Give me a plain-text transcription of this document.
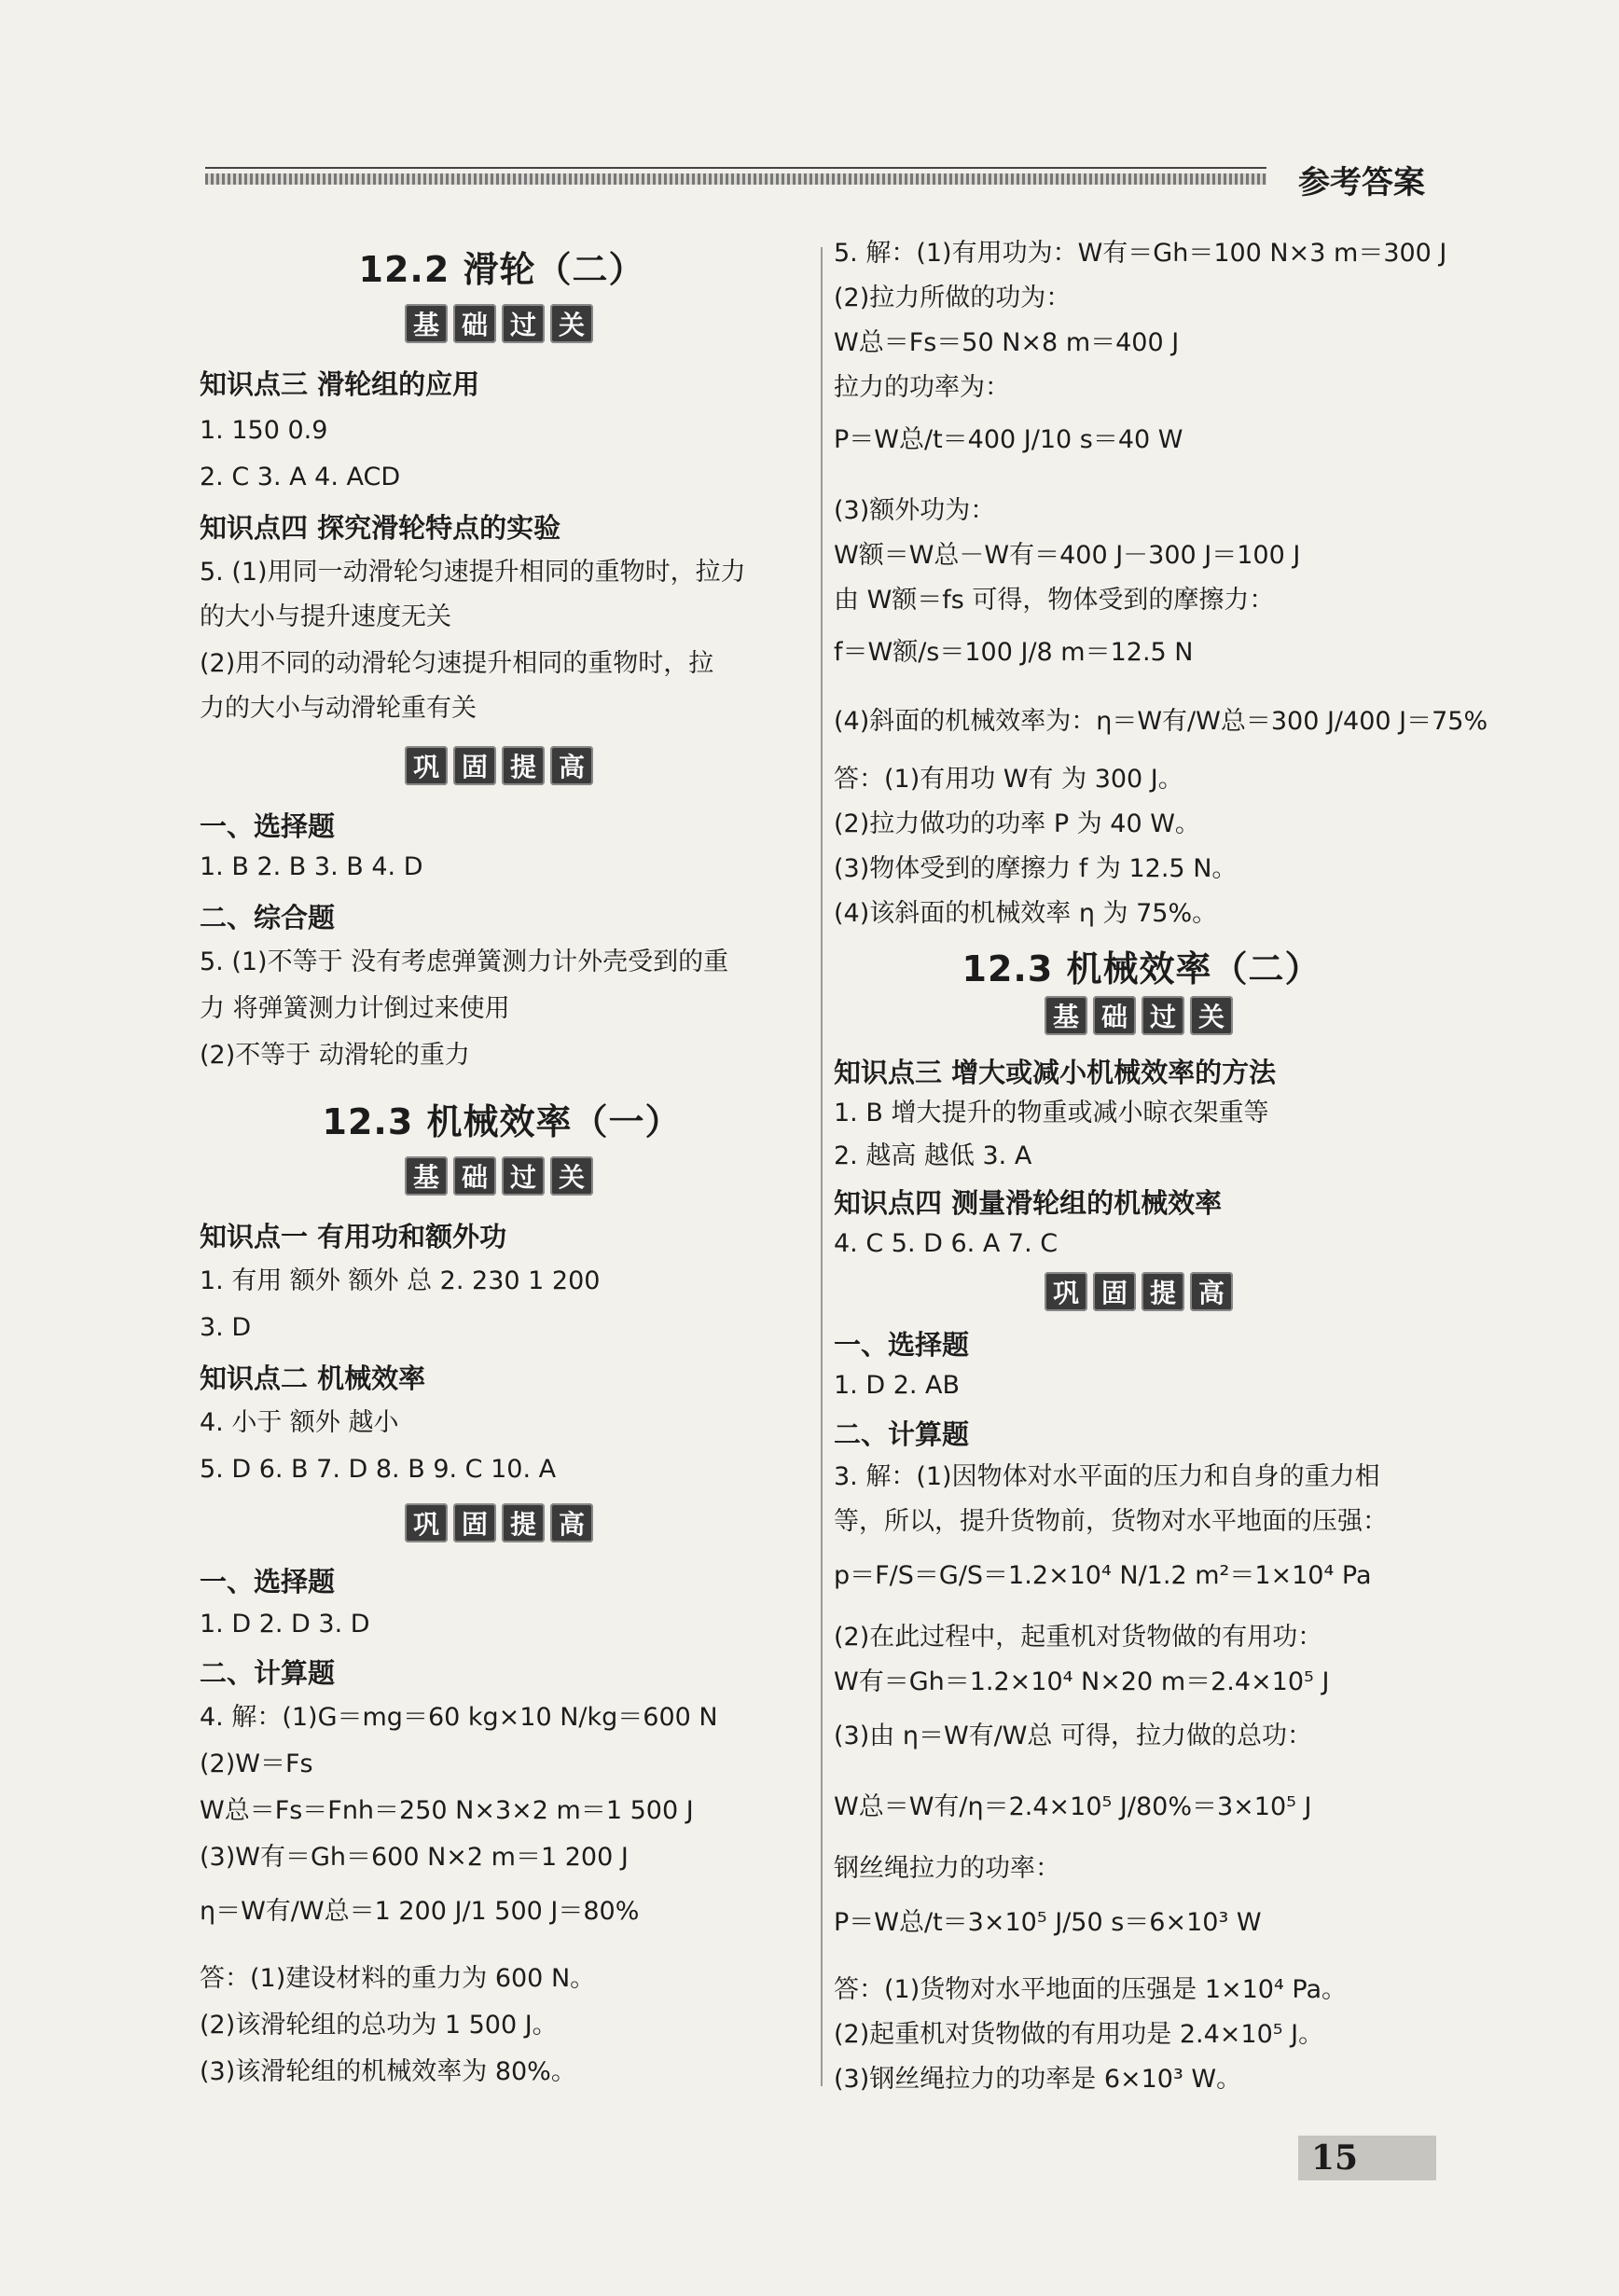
参考答案
12.2 滑轮（二）
基 础 过 关
知识点三 滑轮组的应用
1. 150 0.9
2. C 3. A 4. ACD
知识点四 探究滑轮特点的实验
5. (1)用同一动滑轮匀速提升相同的重物时，拉力
的大小与提升速度无关
(2)用不同的动滑轮匀速提升相同的重物时，拉
力的大小与动滑轮重有关
巩 固 提 高
一、选择题
1. B 2. B 3. B 4. D
二、综合题
5. (1)不等于 没有考虑弹簧测力计外壳受到的重
力 将弹簧测力计倒过来使用
(2)不等于 动滑轮的重力
12.3 机械效率（一）
基 础 过 关
知识点一 有用功和额外功
1. 有用 额外 额外 总 2. 230 1 200
3. D
知识点二 机械效率
4. 小于 额外 越小
5. D 6. B 7. D 8. B 9. C 10. A
巩 固 提 高
一、选择题
1. D 2. D 3. D
二、计算题
4. 解：(1)G＝mg＝60 kg×10 N/kg＝600 N
(2)W＝Fs
W总＝Fs＝Fnh＝250 N×3×2 m＝1 500 J
(3)W有＝Gh＝600 N×2 m＝1 200 J
η＝W有/W总＝1 200 J/1 500 J＝80%
答：(1)建设材料的重力为 600 N。
(2)该滑轮组的总功为 1 500 J。
(3)该滑轮组的机械效率为 80%。
5. 解：(1)有用功为：W有＝Gh＝100 N×3 m＝300 J
(2)拉力所做的功为：
W总＝Fs＝50 N×8 m＝400 J
拉力的功率为：
P＝W总/t＝400 J/10 s＝40 W
(3)额外功为：
W额＝W总－W有＝400 J－300 J＝100 J
由 W额＝fs 可得，物体受到的摩擦力：
f＝W额/s＝100 J/8 m＝12.5 N
(4)斜面的机械效率为：η＝W有/W总＝300 J/400 J＝75%
答：(1)有用功 W有 为 300 J。
(2)拉力做功的功率 P 为 40 W。
(3)物体受到的摩擦力 f 为 12.5 N。
(4)该斜面的机械效率 η 为 75%。
12.3 机械效率（二）
基 础 过 关
知识点三 增大或减小机械效率的方法
1. B 增大提升的物重或减小晾衣架重等
2. 越高 越低 3. A
知识点四 测量滑轮组的机械效率
4. C 5. D 6. A 7. C
巩 固 提 高
一、选择题
1. D 2. AB
二、计算题
3. 解：(1)因物体对水平面的压力和自身的重力相
等，所以，提升货物前，货物对水平地面的压强：
p＝F/S＝G/S＝1.2×10⁴ N/1.2 m²＝1×10⁴ Pa
(2)在此过程中，起重机对货物做的有用功：
W有＝Gh＝1.2×10⁴ N×20 m＝2.4×10⁵ J
(3)由 η＝W有/W总 可得，拉力做的总功：
W总＝W有/η＝2.4×10⁵ J/80%＝3×10⁵ J
钢丝绳拉力的功率：
P＝W总/t＝3×10⁵ J/50 s＝6×10³ W
答：(1)货物对水平地面的压强是 1×10⁴ Pa。
(2)起重机对货物做的有用功是 2.4×10⁵ J。
(3)钢丝绳拉力的功率是 6×10³ W。
15
